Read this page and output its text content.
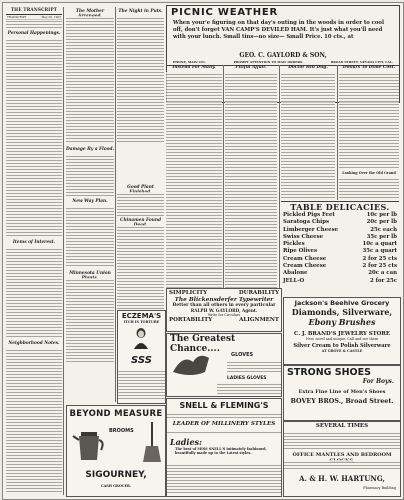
THE TRANSCRIPT
TRANSCRIPT	May 20, 1903
Personal Happenings.
Items of Interest.
Neighborhood Notes.
The Mother
Damage By a Flood.
New Way Plan.
Minnesota Union
The Night in Puts.
Good Plant
Chinamen Found
ECZEMA'S
ITCH IS TORTURE
SSS
BEYOND MEASURE
BROOMS
SIGOURNEY,
CASH GROCER.
PICNIC WEATHER
When your'e figuring on that day's outing in the woods in order to cool off, don't forget VAN CAMP'S DEVILED HAM. It's just what you'll need with your lunch. Small tins—no size— Small Price. 10 cts., at
GEO. C. GAYLORD & SON,
PHONE, MAIN 221.	PROMPT ATTENTION TO MAIL ORDERS.	BROAD STREET, NEVADA CITY, CAL.
Instead For Many.	Pitiful Affair.	Doctor Hill Dug.	Dollars To Dime Cost.
Looking Over the Old Grand
TABLE DELICACIES.
Pickled Pigs Feet	10c per lb
Saratoga Chips	20c per lb
Limberger Cheese	25c each
Swiss Cheese	35c per lb
Pickles	10c a quart
Ripe Olives	35c a quart
Cream Cheese	2 for 25 cts
Cream Cheese	2 for 25 cts
Abalone	20c a can
JELL-O	2 for 25c
SIMPLICITY	DURABILITY
The Blickensderfer Typewriter
Better than all others in every particular
RALPH W. GAYLORD, Agent.
Write for Circulars
PORTABILITY	ALIGNMENT
The Greatest Chance....
GLOVES
LADIES GLOVES
SNELL & FLEMING'S
LEADER OF MILLINERY STYLES
Ladies:
The best of MISS SNELL'S intimately fashioned, beautifully made up to the Latest styles.
Jackson's Beehive Grocery
Diamonds, Silverware,
Ebony Brushes
C. J. BRAND'S JEWELRY STORE
New, novel and unique. Call and see them
Silver Cream to Polish Silverware
AT GROVE & CASTLE
STRONG SHOES
For Boys.
Extra Fine Line of Men's Shoes
BOVEY BROS., Broad Street.
SEVERAL TIMES
OFFICE MANTLES AND BEDROOM
A. & H. W. HARTUNG,
Pharmacy Building
